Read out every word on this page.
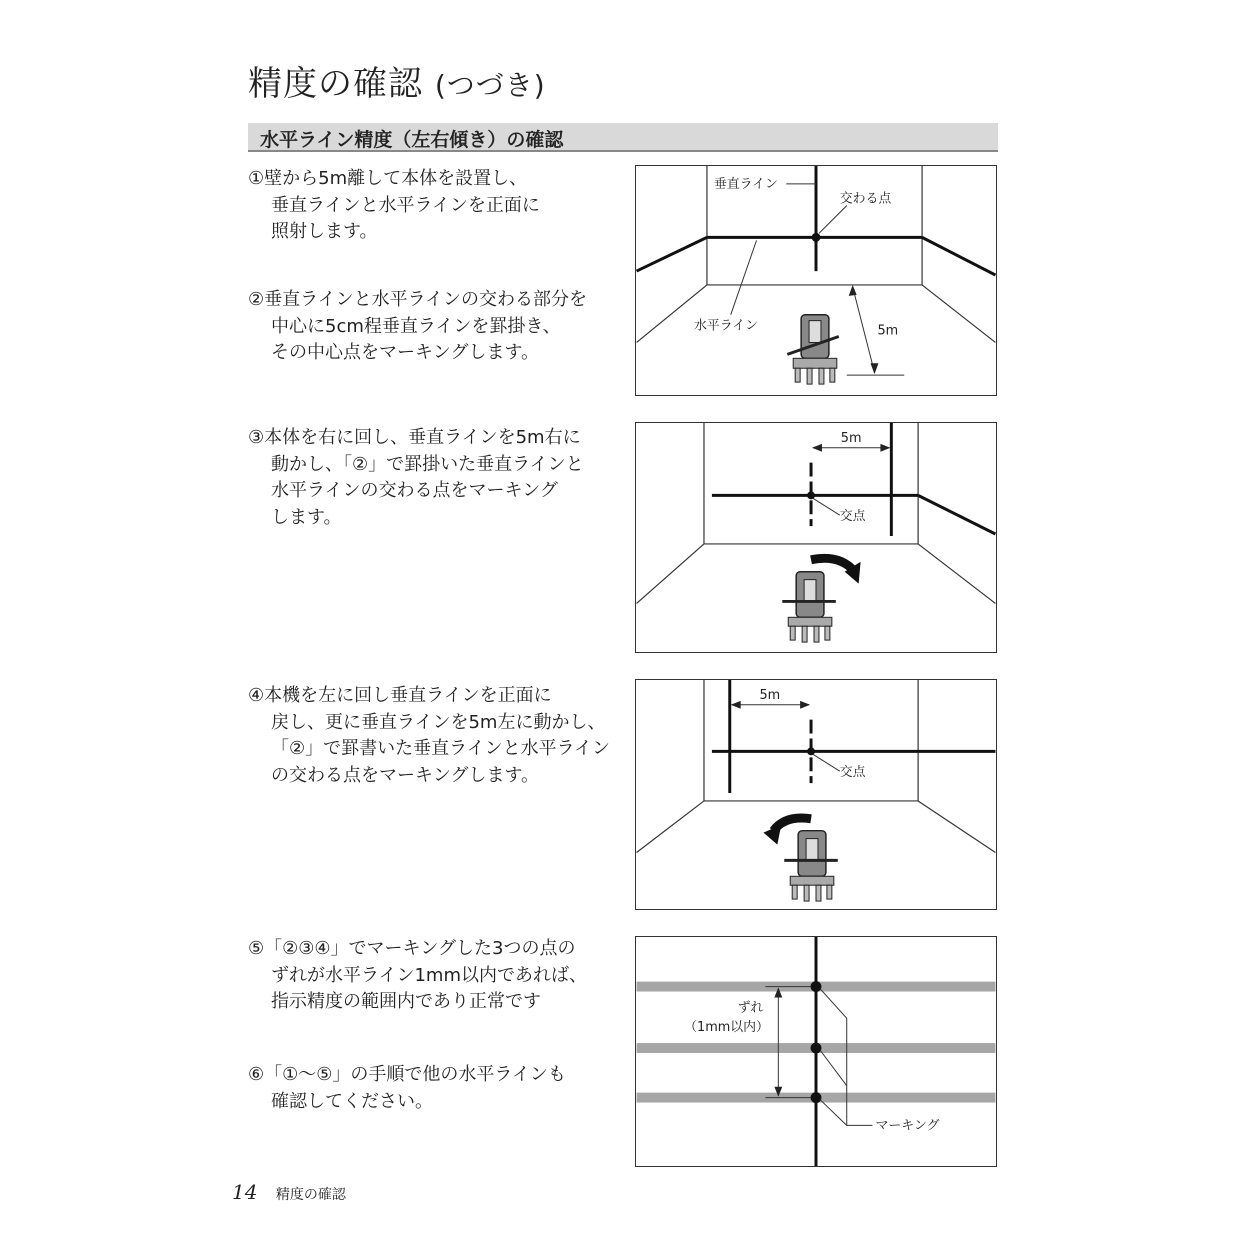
精度の確認 (つづき)
水平ライン精度（左右傾き）の確認
①壁から5m離して本体を設置し、
垂直ラインと水平ラインを正面に
照射します。
②垂直ラインと水平ラインの交わる部分を
中心に5cm程垂直ラインを罫掛き、
その中心点をマーキングします。
③本体を右に回し、垂直ラインを5m右に
動かし、「②」で罫掛いた垂直ラインと
水平ラインの交わる点をマーキング
します。
④本機を左に回し垂直ラインを正面に
戻し、更に垂直ラインを5m左に動かし、
「②」で罫書いた垂直ラインと水平ライン
の交わる点をマーキングします。
⑤「②③④」でマーキングした3つの点の
ずれが水平ライン1mm以内であれば、
指示精度の範囲内であり正常です
⑥「①〜⑤」の手順で他の水平ラインも
確認してください。
垂直ライン
交わる点
水平ライン	5m
5m
交点
5m
交点
ずれ
（1mm以内）
マーキング
14 精度の確認
